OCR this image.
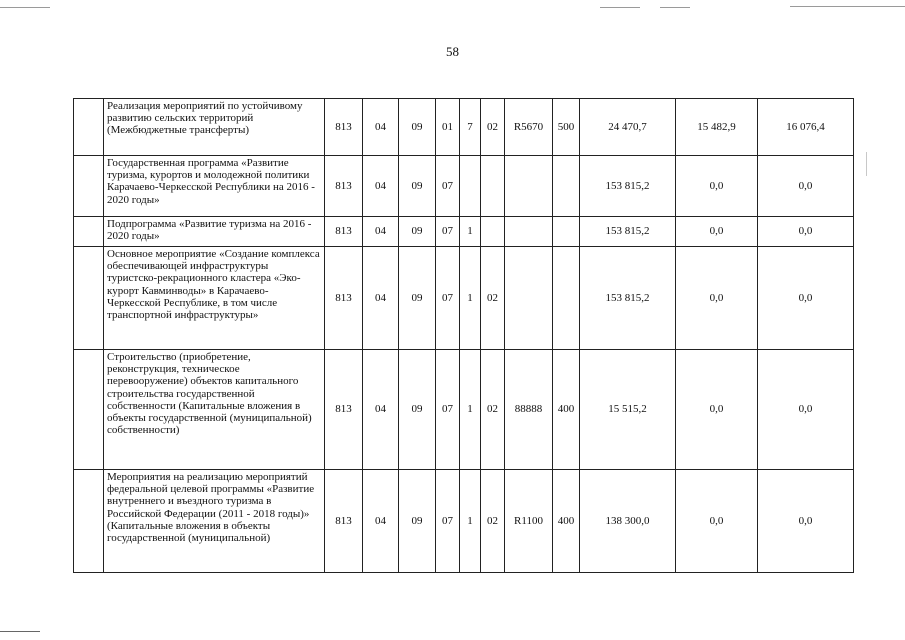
58
	Реализация мероприятий по устойчивому развитию сельских территорий (Межбюджетные трансферты)	813	04	09	01	7	02	R5670	500	24 470,7	15 482,9	16 076,4
	Государственная программа «Развитие туризма, курортов и молодежной политики Карачаево-Черкесской Республики на 2016 - 2020 годы»	813	04	09	07					153 815,2	0,0	0,0
	Подпрограмма «Развитие туризма на 2016 - 2020 годы»	813	04	09	07	1				153 815,2	0,0	0,0
	Основное мероприятие «Создание комплекса обеспечивающей инфраструктуры туристско-рекрационного кластера «Эко-курорт Кавминводы» в Карачаево-Черкесской Республике, в том числе транспортной инфраструктуры»	813	04	09	07	1	02			153 815,2	0,0	0,0
	Строительство (приобретение, реконструкция, техническое перевооружение) объектов капитального строительства государственной собственности (Капитальные вложения в объекты государственной (муниципальной) собственности)	813	04	09	07	1	02	88888	400	15 515,2	0,0	0,0
	Мероприятия на реализацию мероприятий федеральной целевой программы «Развитие внутреннего и въездного туризма в Российской Федерации (2011 - 2018 годы)» (Капитальные вложения в объекты государственной (муниципальной)	813	04	09	07	1	02	R1100	400	138 300,0	0,0	0,0
